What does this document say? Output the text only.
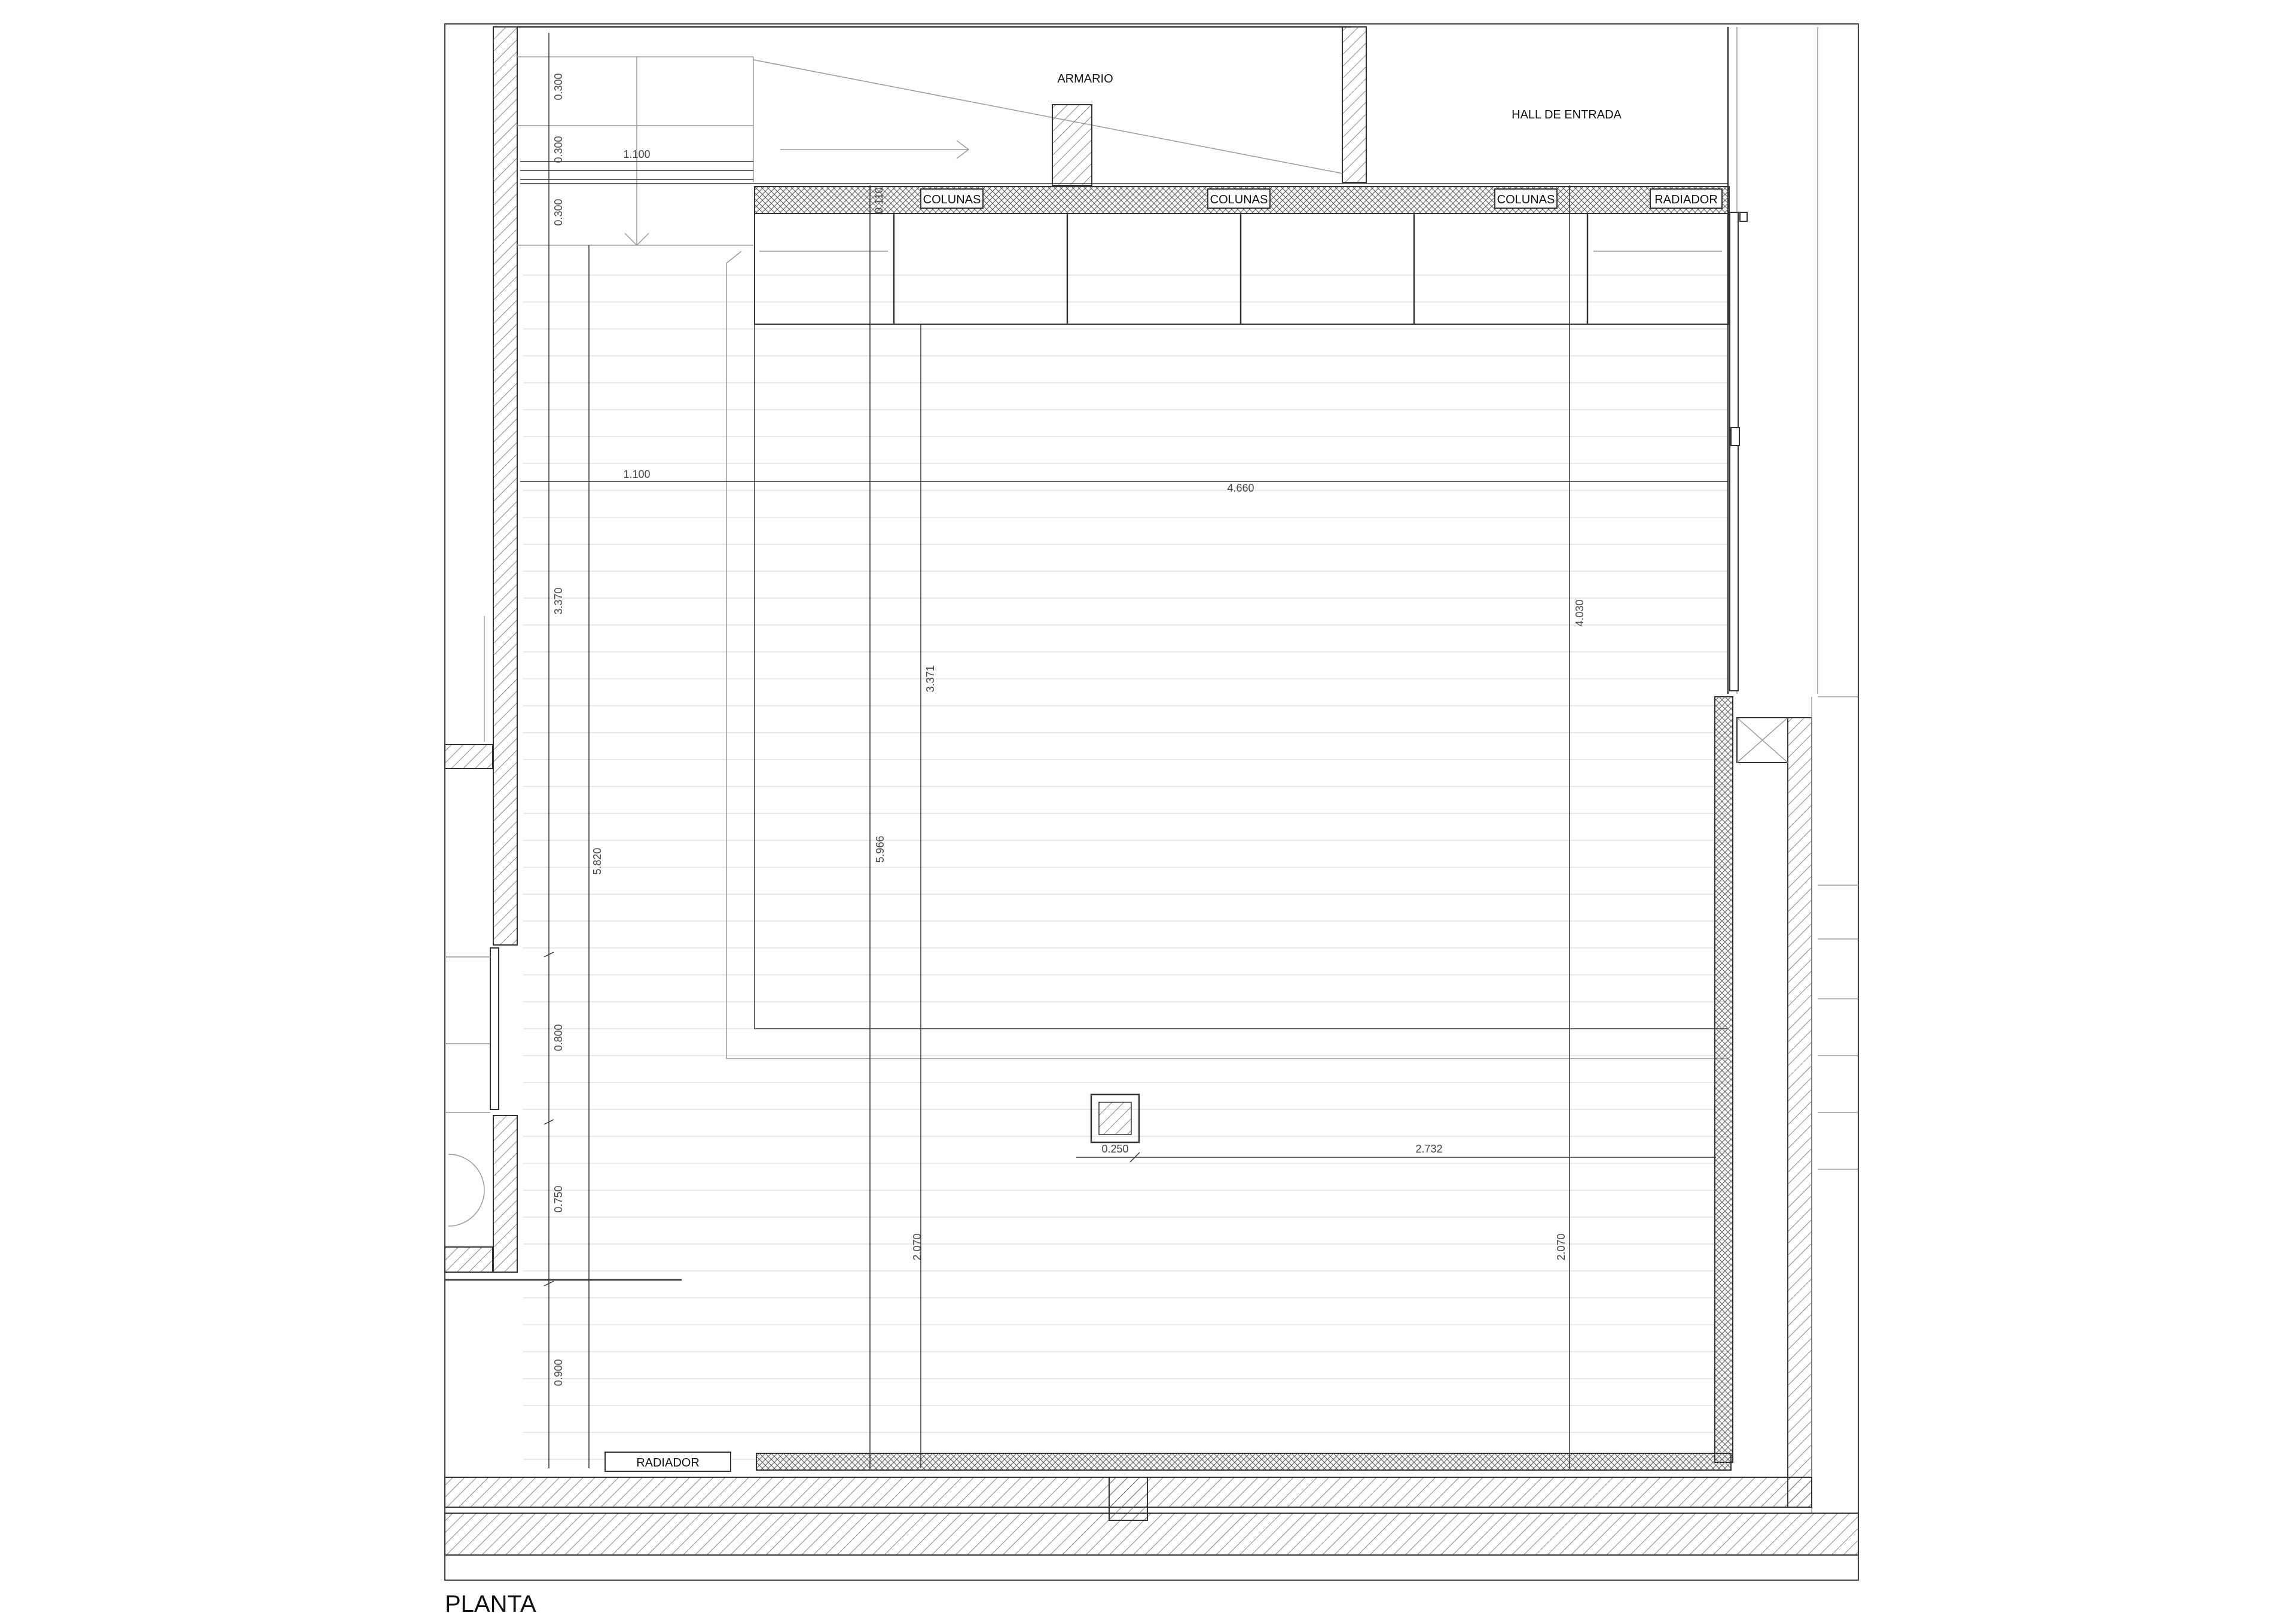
ARMARIO
HALL DE ENTRADA
COLUNAS	COLUNAS	COLUNAS	RADIADOR
RADIADOR
1.100
1.100
4.660
0.250	2.732
0.300
0.300
0.300
3.370
0.800
0.750
0.900
5.820
0.110
5.966
3.371
4.030
2.070	2.070
PLANTA
